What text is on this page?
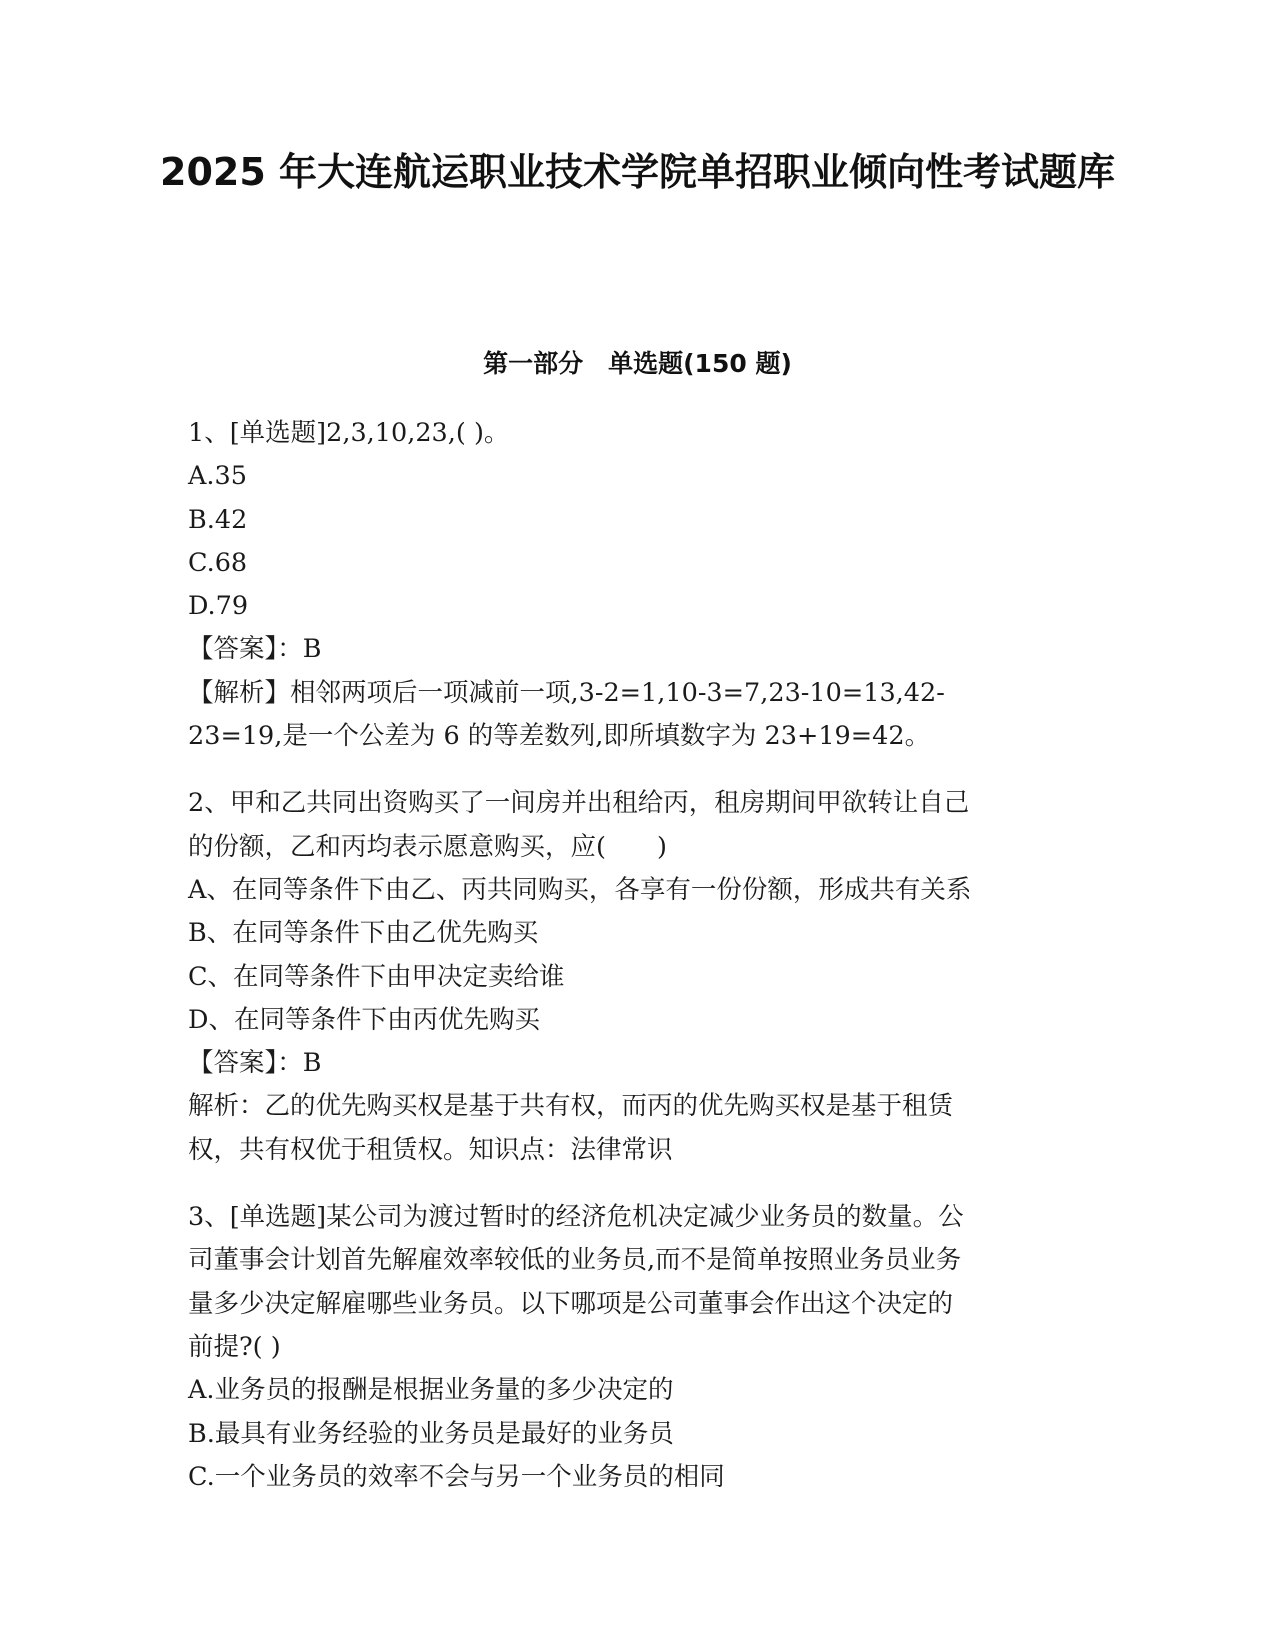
2025 年大连航运职业技术学院单招职业倾向性考试题库
第一部分　单选题(150 题)
1、[单选题]2,3,10,23,( )。
A.35
B.42
C.68
D.79
【答案】：B
【解析】相邻两项后一项减前一项,3-2=1,10-3=7,23-10=13,42-
23=19,是一个公差为 6 的等差数列,即所填数字为 23+19=42。
2、甲和乙共同出资购买了一间房并出租给丙，租房期间甲欲转让自己
的份额，乙和丙均表示愿意购买，应(　　)
A、在同等条件下由乙、丙共同购买，各享有一份份额，形成共有关系
B、在同等条件下由乙优先购买
C、在同等条件下由甲决定卖给谁
D、在同等条件下由丙优先购买
【答案】：B
解析：乙的优先购买权是基于共有权，而丙的优先购买权是基于租赁
权，共有权优于租赁权。知识点：法律常识
3、[单选题]某公司为渡过暂时的经济危机决定减少业务员的数量。公
司董事会计划首先解雇效率较低的业务员,而不是简单按照业务员业务
量多少决定解雇哪些业务员。以下哪项是公司董事会作出这个决定的
前提?( )
A.业务员的报酬是根据业务量的多少决定的
B.最具有业务经验的业务员是最好的业务员
C.一个业务员的效率不会与另一个业务员的相同
